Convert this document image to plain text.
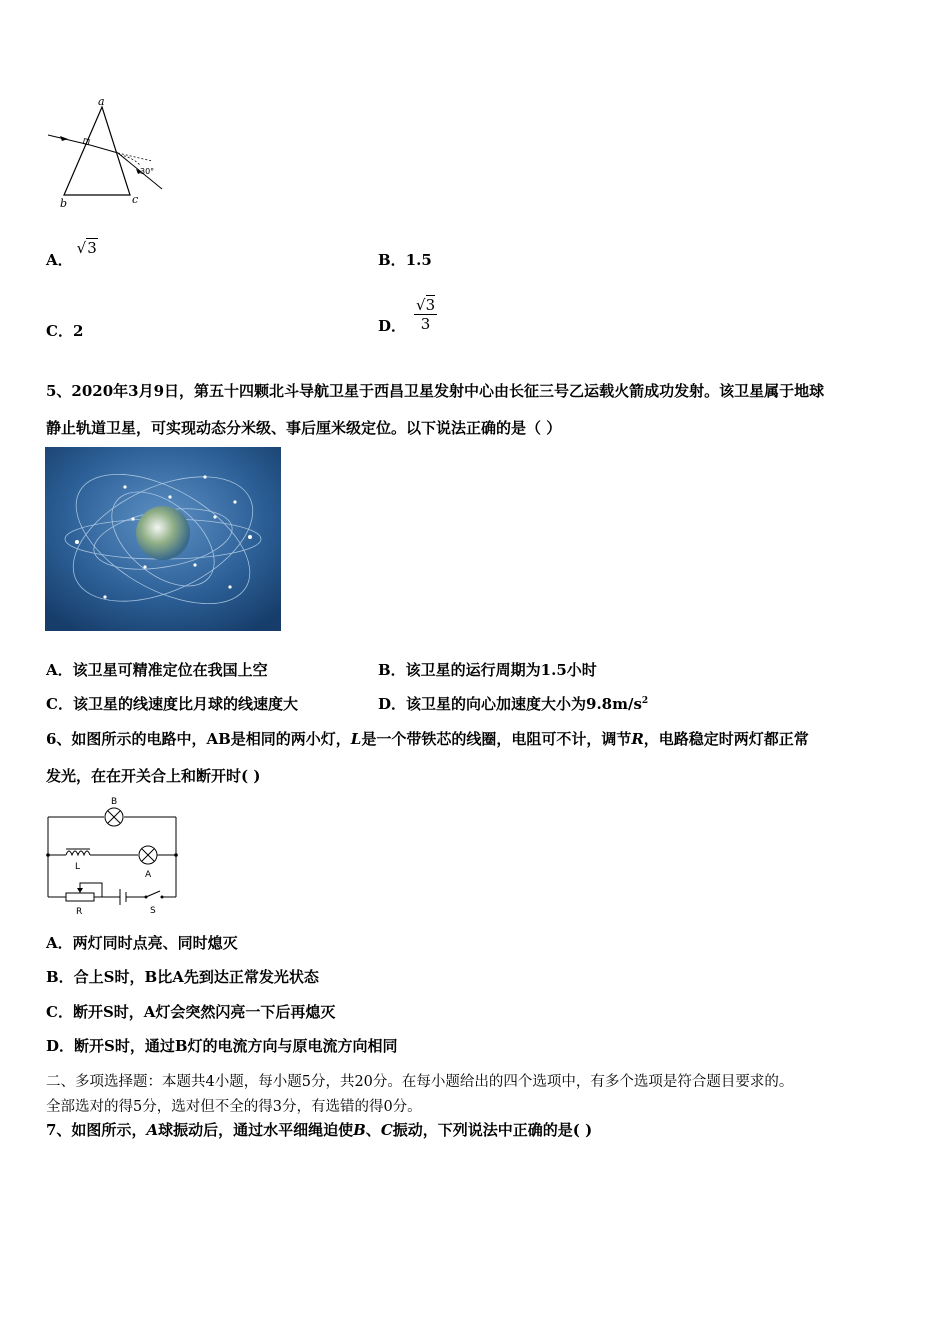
a
b	c
30°
A．√3
B．1.5
C．2	D． $\frac{√3}{3}$
5、2020年3月9日，第五十四颗北斗导航卫星于西昌卫星发射中心由长征三号乙运载火箭成功发射。该卫星属于地球
静止轨道卫星，可实现动态分米级、事后厘米级定位。以下说法正确的是（ ）
A．该卫星可精准定位在我国上空	B．该卫星的运行周期为1.5小时
C．该卫星的线速度比月球的线速度大	D．该卫星的向心加速度大小为$9.8m/s^2$
6、如图所示的电路中，AB是相同的两小灯，L是一个带铁芯的线圈，电阻可不计，调节R，电路稳定时两灯都正常
发光，在在开关合上和断开时( )
B
L
A
R	S
A．两灯同时点亮、同时熄灭
B．合上S时，B比A先到达正常发光状态
C．断开S时，A灯会突然闪亮一下后再熄灭
D．断开S时，通过B灯的电流方向与原电流方向相同
二、多项选择题：本题共4小题，每小题5分，共20分。在每小题给出的四个选项中，有多个选项是符合题目要求的。
全部选对的得5分，选对但不全的得3分，有选错的得0分。
7、如图所示，A球振动后，通过水平细绳迫使B、C振动，下列说法中正确的是( )
